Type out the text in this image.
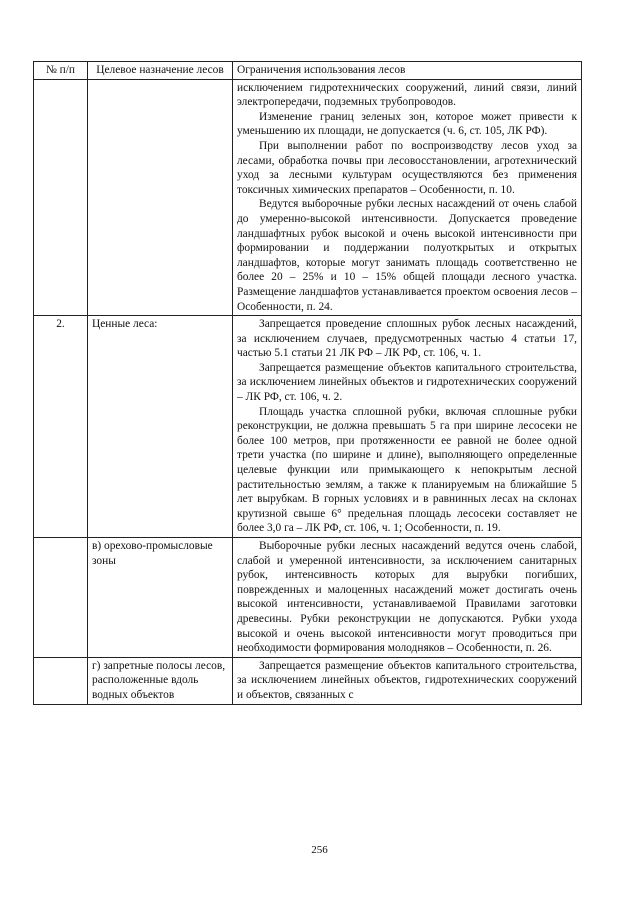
№ п/п	Целевое назначение лесов	Ограничения использования лесов

		исключением гидротехнических сооружений, линий связи, линий электропередачи, подземных трубопроводов.

Изменение границ зеленых зон, которое может привести к уменьшению их площади, не допускается (ч. 6, ст. 105, ЛК РФ).

При выполнении работ по воспроизводству лесов уход за лесами, обработка почвы при лесовосстановлении, агротехнический уход за лесными культурам осуществляются без применения токсичных химических препаратов – Особенности, п. 10.

Ведутся выборочные рубки лесных насаждений от очень слабой до умеренно-высокой интенсивности. Допускается проведение ландшафтных рубок высокой и очень высокой интенсивности при формировании и поддержании полуоткрытых и открытых ландшафтов, которые могут занимать площадь соответственно не более 20 – 25% и 10 – 15% общей площади лесного участка. Размещение ландшафтов устанавливается проектом освоения лесов – Особенности, п. 24.

2.	Ценные леса:	Запрещается проведение сплошных рубок лесных насаждений, за исключением случаев, предусмотренных частью 4 статьи 17, частью 5.1 статьи 21 ЛК РФ – ЛК РФ, ст. 106, ч. 1.

Запрещается размещение объектов капитального строительства, за исключением линейных объектов и гидротехнических сооружений – ЛК РФ, ст. 106, ч. 2.

Площадь участка сплошной рубки, включая сплошные рубки реконструкции, не должна превышать 5 га при ширине лесосеки не более 100 метров, при протяженности ее равной не более одной трети участка (по ширине и длине), выполняющего определенные целевые функции или примыкающего к непокрытым лесной растительностью землям, а также к планируемым на ближайшие 5 лет вырубкам. В горных условиях и в равнинных лесах на склонах крутизной свыше 6° предельная площадь лесосеки составляет не более 3,0 га – ЛК РФ, ст. 106, ч. 1; Особенности, п. 19.

	в) орехово-промысловые зоны	Выборочные рубки лесных насаждений ведутся очень слабой, слабой и умеренной интенсивности, за исключением санитарных рубок, интенсивность которых для вырубки погибших, поврежденных и малоценных насаждений может достигать очень высокой интенсивности, устанавливаемой Правилами заготовки древесины. Рубки реконструкции не допускаются. Рубки ухода высокой и очень высокой интенсивности могут проводиться при необходимости формирования молодняков – Особенности, п. 26.

	г) запретные полосы лесов, расположенные вдоль водных объектов	Запрещается размещение объектов капитального строительства, за исключением линейных объектов, гидротехнических сооружений и объектов, связанных с

256
